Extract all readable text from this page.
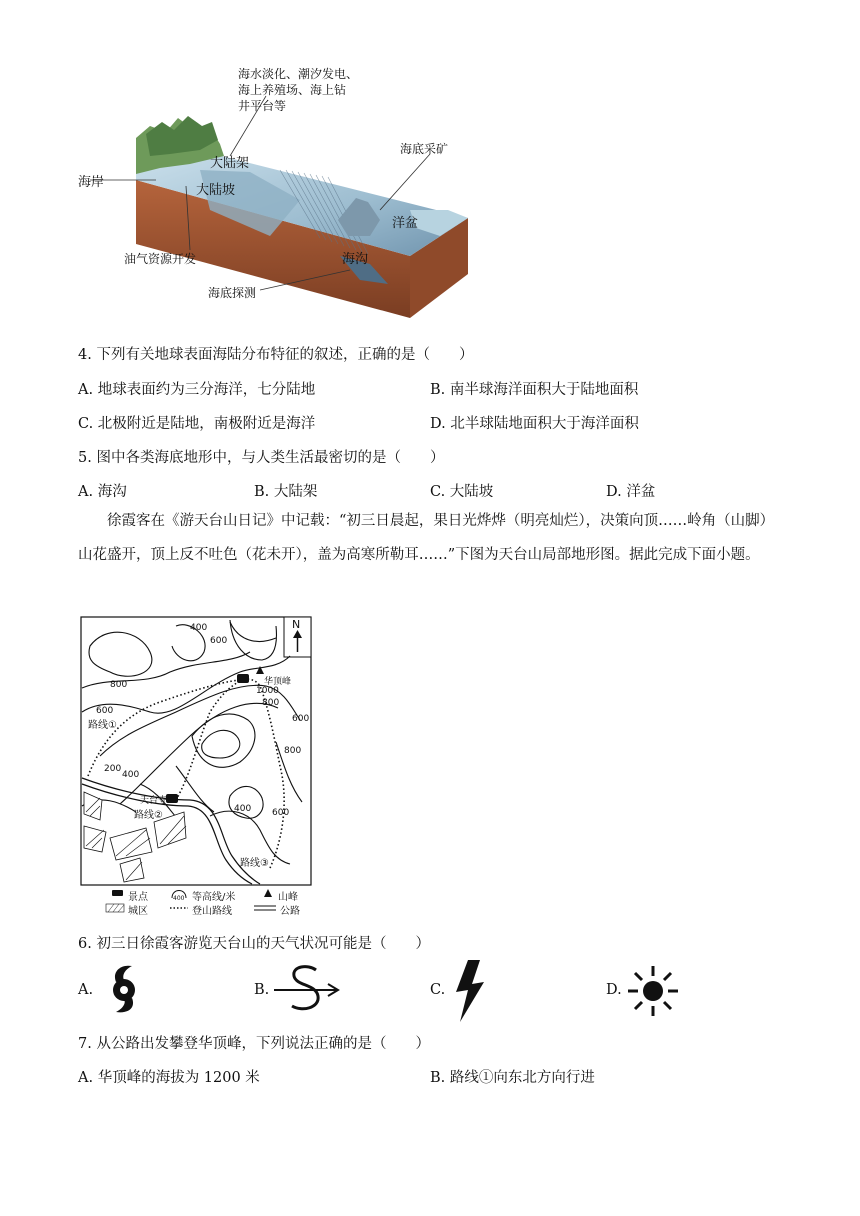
海水淡化、潮汐发电、
海上养殖场、海上钻
井平台等
海岸
大陆架
大陆坡
海底采矿
洋盆
海沟
油气资源开发
海底探测
4. 下列有关地球表面海陆分布特征的叙述，正确的是（　　）
A. 地球表面约为三分海洋，七分陆地	B. 南半球海洋面积大于陆地面积
C. 北极附近是陆地，南极附近是海洋	D. 北半球陆地面积大于海洋面积
5. 图中各类海底地形中，与人类生活最密切的是（　　）
A. 海沟	B. 大陆架	C. 大陆坡	D. 洋盆
徐霞客在《游天台山日记》中记载：“初三日晨起，果日光烨烨（明亮灿烂），决策向顶……岭角（山脚）山花盛开，顶上反不吐色（花未开），盖为高寒所勒耳……”下图为天台山局部地形图。据此完成下面小题。
N
华顶峰
天台寺
路线①
路线②
路线③
400
600
800
1000
800
600
800
600
400
200
400 600
景点	400 等高线/米	山峰
城区	登山路线	公路
6. 初三日徐霞客游览天台山的天气状况可能是（　　）
A.	B.	C.	D.
7. 从公路出发攀登华顶峰，下列说法正确的是（　　）
A. 华顶峰的海拔为 1200 米	B. 路线①向东北方向行进
